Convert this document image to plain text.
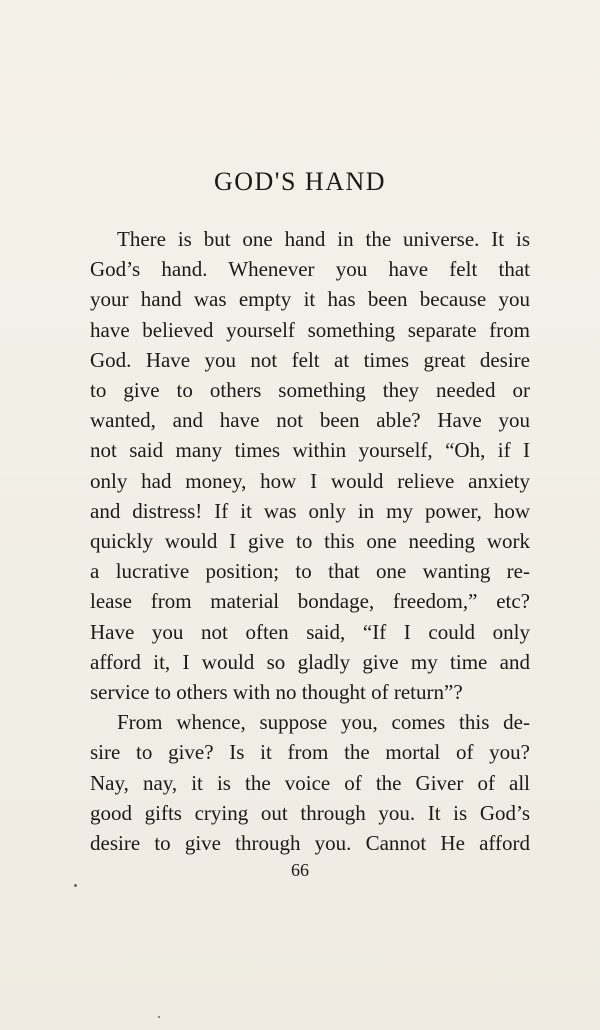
GOD'S HAND
There is but one hand in the universe. It is
God’s hand. Whenever you have felt that
your hand was empty it has been because you
have believed yourself something separate from
God. Have you not felt at times great desire
to give to others something they needed or
wanted, and have not been able? Have you
not said many times within yourself, “Oh, if I
only had money, how I would relieve anxiety
and distress! If it was only in my power, how
quickly would I give to this one needing work
a lucrative position; to that one wanting re-
lease from material bondage, freedom,” etc?
Have you not often said, “If I could only
afford it, I would so gladly give my time and
service to others with no thought of return”?
From whence, suppose you, comes this de-
sire to give? Is it from the mortal of you?
Nay, nay, it is the voice of the Giver of all
good gifts crying out through you. It is God’s
desire to give through you. Cannot He afford
66
